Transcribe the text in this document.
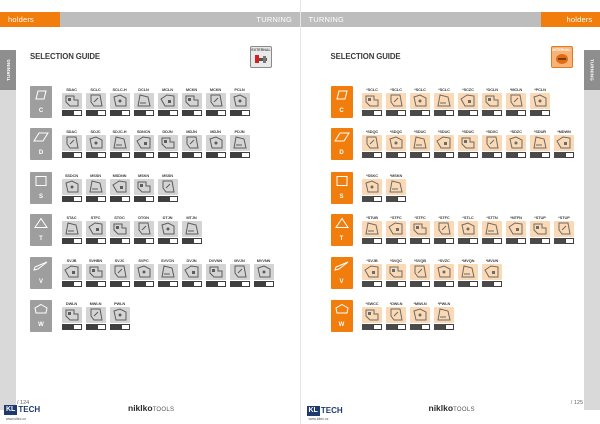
holders	TURNING
SELECTION GUIDE
EXTERNAL
TURNING
C
SDAC	SCLC	SCLC-H	DCLN	MCLN	MCKN	MCKN	PCLN
D
SDAC	SDJC	SDJC-H	SDNCN	DDJN	MDJN	MDJN	PDJN
S
SSDCN	MSSN	MSDNN	MSKN	MSSN
T
STAC	STFC	STGC	DTGN	DTJN	MTJN
V
SVJB	SVHBN	SVJC	SVPC	SVVCN	DVJN	DVVNN	MVJN	MVVNN
W
DWLN	MWLN	PWLN
/ 124
KL TECH
www.kltec.cz
niklkoTOOLS
TURNING	holders
SELECTION GUIDE
INTERNAL
TURNING
C
*SCLC	*SCLC	*SCLC	*SCLC	*SCZC	*DCLN	*MCLN	*PCLN
D
*SDQC	*SDQC	*SDUC	*SDUC	*SDUC	*SDXC	*SDZC	*SDUR	*MDWN
S
*SSKC	*MSKN
T
*STUB	*STFC	*STFC	*STFC	*STLC	*STTN	*MTFN	*STUP	*STUP
V
*SVJB	*SVQC	*SVQB	*SVZC	*MVQN	*MVUN
W
*SWCC	*DWLN	*MWLN	*PWLN
/ 125
KL TECH
www.kltec.cz
niklkoTOOLS
